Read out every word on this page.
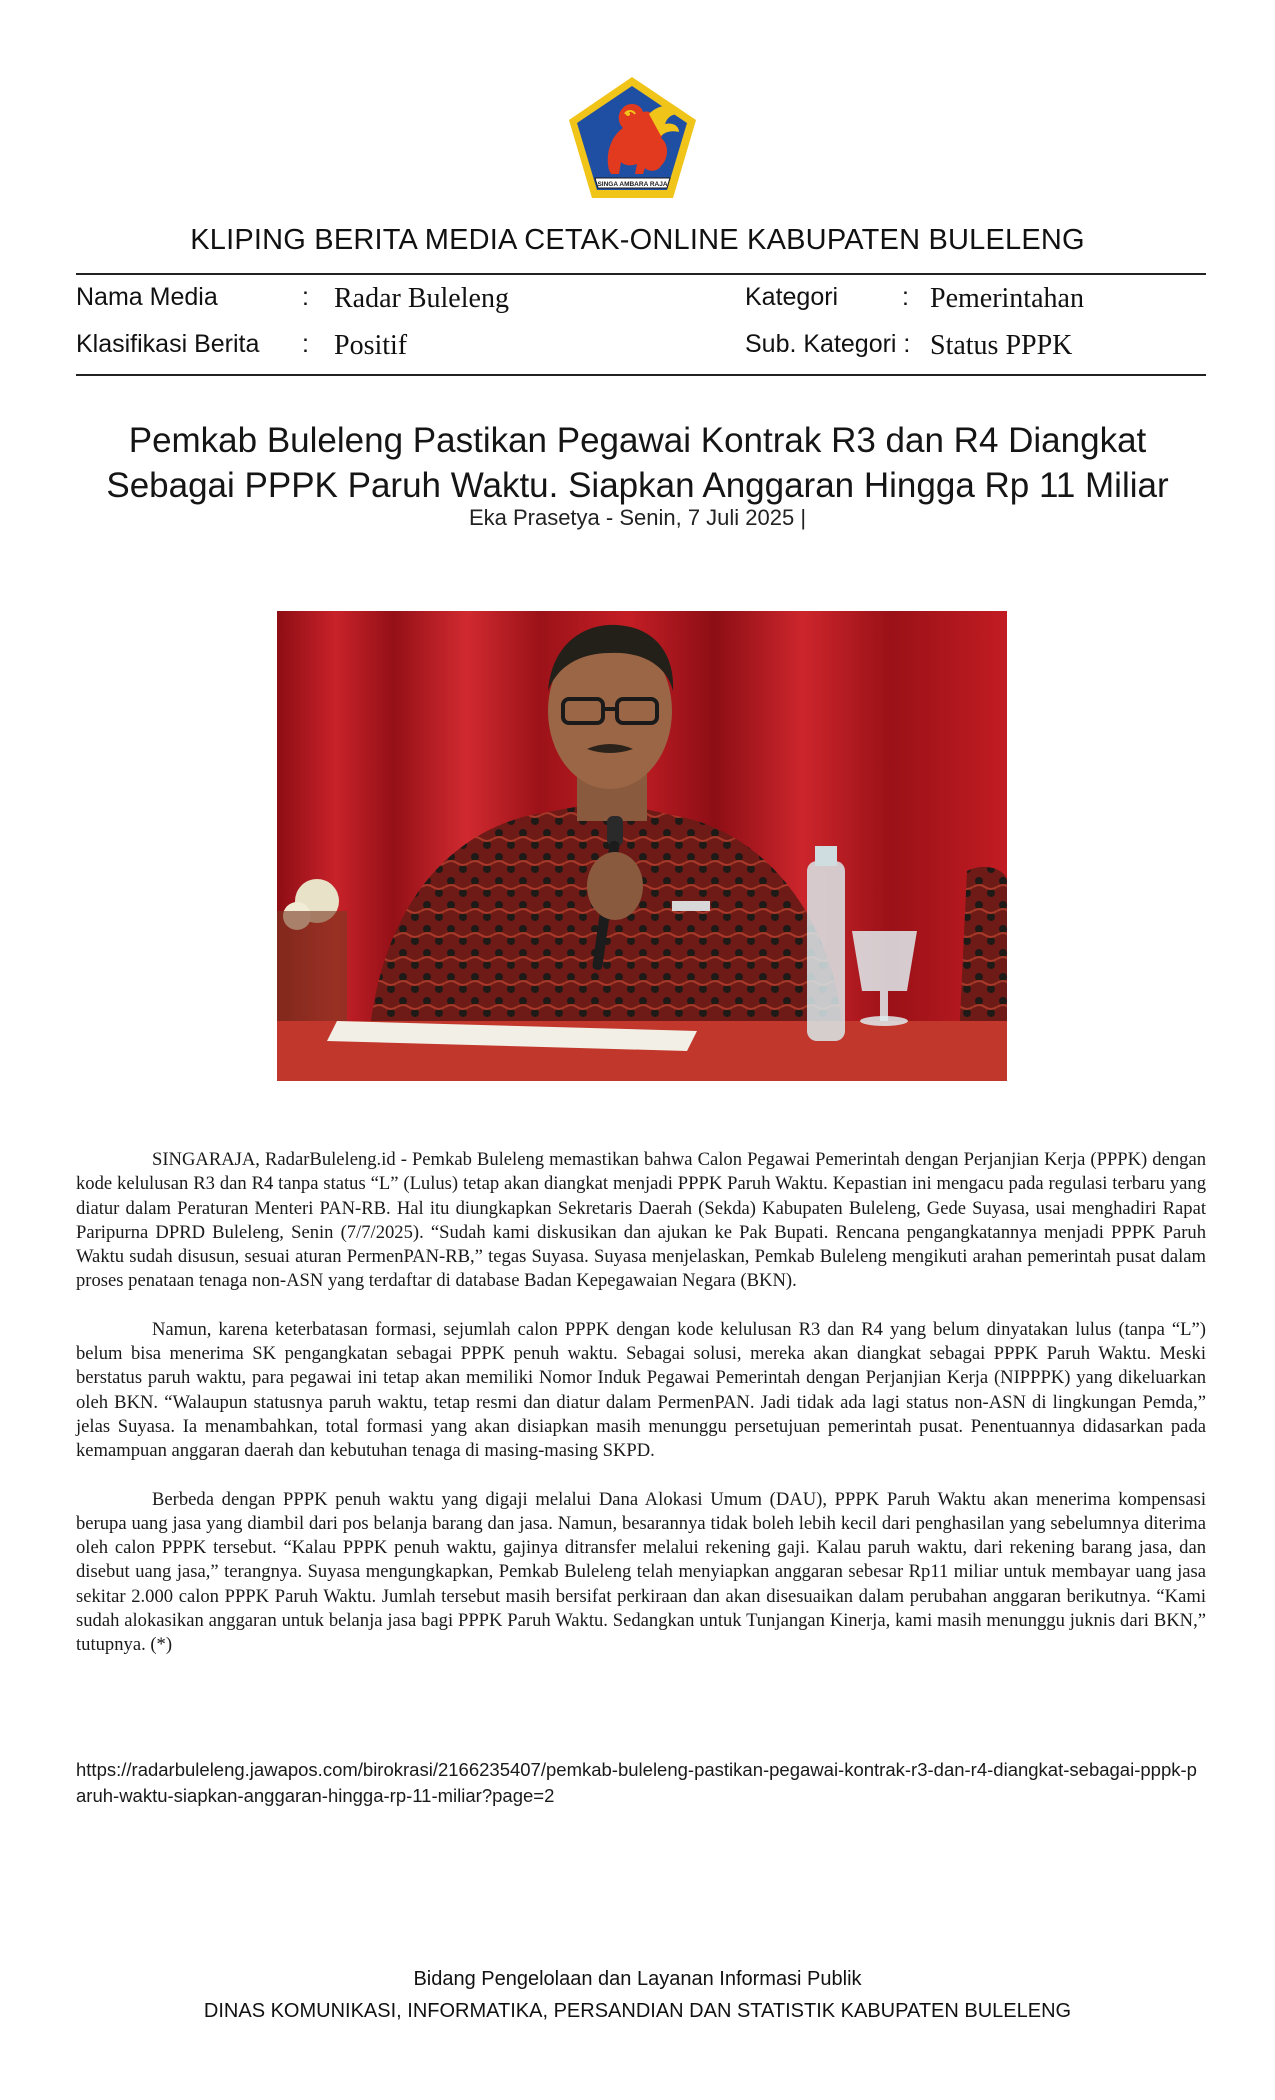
SINGA AMBARA RAJA
KLIPING BERITA MEDIA CETAK-ONLINE KABUPATEN BULELENG
Nama Media	: Radar Buleleng
Klasifikasi Berita : Positif
Kategori	: Pemerintahan
Sub. Kategori : Status PPPK
Pemkab Buleleng Pastikan Pegawai Kontrak R3 dan R4 Diangkat Sebagai PPPK Paruh Waktu. Siapkan Anggaran Hingga Rp 11 Miliar
Eka Prasetya - Senin, 7 Juli 2025 |

SINGARAJA, RadarBuleleng.id - Pemkab Buleleng memastikan bahwa Calon Pegawai Pemerintah dengan Perjanjian Kerja (PPPK) dengan kode kelulusan R3 dan R4 tanpa status “L” (Lulus) tetap akan diangkat menjadi PPPK Paruh Waktu. Kepastian ini mengacu pada regulasi terbaru yang diatur dalam Peraturan Menteri PAN-RB. Hal itu diungkapkan Sekretaris Daerah (Sekda) Kabupaten Buleleng, Gede Suyasa, usai menghadiri Rapat Paripurna DPRD Buleleng, Senin (7/7/2025). “Sudah kami diskusikan dan ajukan ke Pak Bupati. Rencana pengangkatannya menjadi PPPK Paruh Waktu sudah disusun, sesuai aturan PermenPAN-RB,” tegas Suyasa. Suyasa menjelaskan, Pemkab Buleleng mengikuti arahan pemerintah pusat dalam proses penataan tenaga non-ASN yang terdaftar di database Badan Kepegawaian Negara (BKN).

Namun, karena keterbatasan formasi, sejumlah calon PPPK dengan kode kelulusan R3 dan R4 yang belum dinyatakan lulus (tanpa “L”) belum bisa menerima SK pengangkatan sebagai PPPK penuh waktu. Sebagai solusi, mereka akan diangkat sebagai PPPK Paruh Waktu. Meski berstatus paruh waktu, para pegawai ini tetap akan memiliki Nomor Induk Pegawai Pemerintah dengan Perjanjian Kerja (NIPPPK) yang dikeluarkan oleh BKN. “Walaupun statusnya paruh waktu, tetap resmi dan diatur dalam PermenPAN. Jadi tidak ada lagi status non-ASN di lingkungan Pemda,” jelas Suyasa. Ia menambahkan, total formasi yang akan disiapkan masih menunggu persetujuan pemerintah pusat. Penentuannya didasarkan pada kemampuan anggaran daerah dan kebutuhan tenaga di masing-masing SKPD.

Berbeda dengan PPPK penuh waktu yang digaji melalui Dana Alokasi Umum (DAU), PPPK Paruh Waktu akan menerima kompensasi berupa uang jasa yang diambil dari pos belanja barang dan jasa. Namun, besarannya tidak boleh lebih kecil dari penghasilan yang sebelumnya diterima oleh calon PPPK tersebut. “Kalau PPPK penuh waktu, gajinya ditransfer melalui rekening gaji. Kalau paruh waktu, dari rekening barang jasa, dan disebut uang jasa,” terangnya. Suyasa mengungkapkan, Pemkab Buleleng telah menyiapkan anggaran sebesar Rp11 miliar untuk membayar uang jasa sekitar 2.000 calon PPPK Paruh Waktu. Jumlah tersebut masih bersifat perkiraan dan akan disesuaikan dalam perubahan anggaran berikutnya. “Kami sudah alokasikan anggaran untuk belanja jasa bagi PPPK Paruh Waktu. Sedangkan untuk Tunjangan Kinerja, kami masih menunggu juknis dari BKN,” tutupnya. (*)

https://radarbuleleng.jawapos.com/birokrasi/2166235407/pemkab-buleleng-pastikan-pegawai-kontrak-r3-dan-r4-diangkat-sebagai-pppk-paruh-waktu-siapkan-anggaran-hingga-rp-11-miliar?page=2
Bidang Pengelolaan dan Layanan Informasi Publik
DINAS KOMUNIKASI, INFORMATIKA, PERSANDIAN DAN STATISTIK KABUPATEN BULELENG
